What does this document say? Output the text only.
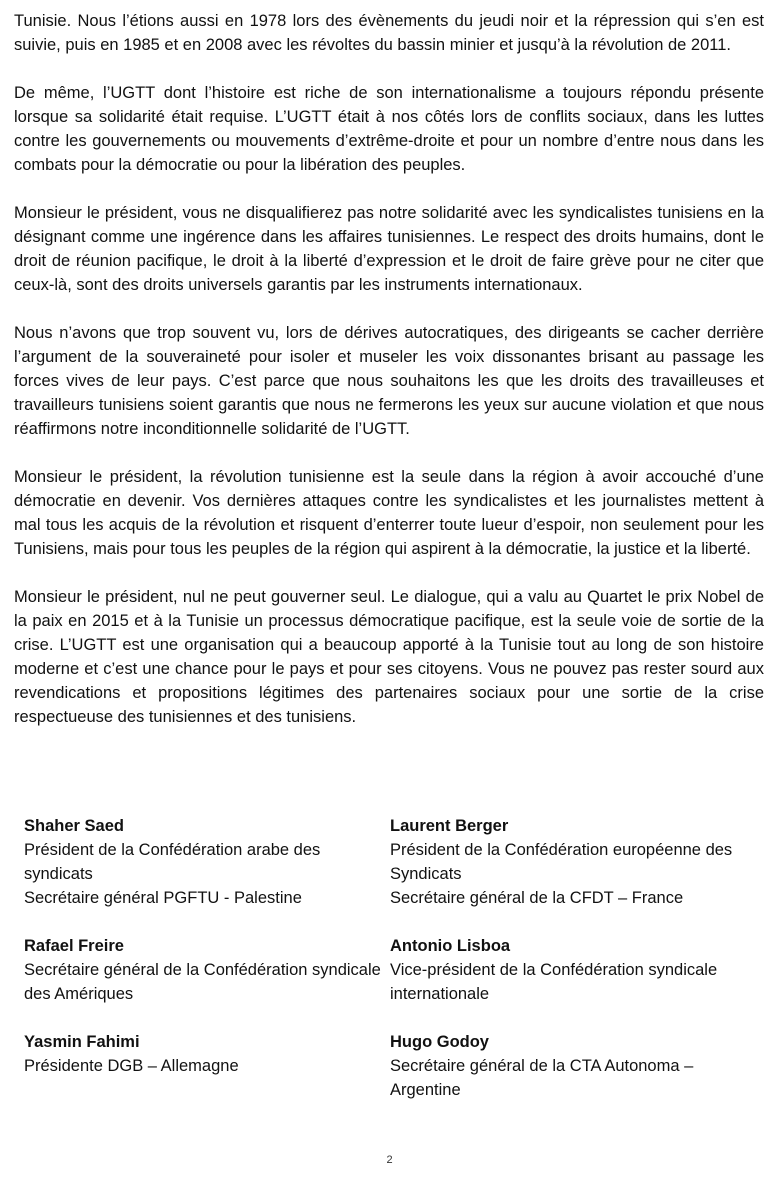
Tunisie. Nous l’étions aussi en 1978 lors des évènements du jeudi noir et la répression qui s’en est suivie, puis en 1985 et en 2008 avec les révoltes du bassin minier et jusqu’à la révolution de 2011.

De même, l’UGTT dont l’histoire est riche de son internationalisme a toujours répondu présente lorsque sa solidarité était requise. L’UGTT était à nos côtés lors de conflits sociaux, dans les luttes contre les gouvernements ou mouvements d’extrême-droite et pour un nombre d’entre nous dans les combats pour la démocratie ou pour la libération des peuples.

Monsieur le président, vous ne disqualifierez pas notre solidarité avec les syndicalistes tunisiens en la désignant comme une ingérence dans les affaires tunisiennes. Le respect des droits humains, dont le droit de réunion pacifique, le droit à la liberté d’expression et le droit de faire grève pour ne citer que ceux-là, sont des droits universels garantis par les instruments internationaux.

Nous n’avons que trop souvent vu, lors de dérives autocratiques, des dirigeants se cacher derrière l’argument de la souveraineté pour isoler et museler les voix dissonantes brisant au passage les forces vives de leur pays. C’est parce que nous souhaitons les que les droits des travailleuses et travailleurs tunisiens soient garantis que nous ne fermerons les yeux sur aucune violation et que nous réaffirmons notre inconditionnelle solidarité de l’UGTT.

Monsieur le président, la révolution tunisienne est la seule dans la région à avoir accouché d’une démocratie en devenir. Vos dernières attaques contre les syndicalistes et les journalistes mettent à mal tous les acquis de la révolution et risquent d’enterrer toute lueur d’espoir, non seulement pour les Tunisiens, mais pour tous les peuples de la région qui aspirent à la démocratie, la justice et la liberté.

Monsieur le président, nul ne peut gouverner seul. Le dialogue, qui a valu au Quartet le prix Nobel de la paix en 2015 et à la Tunisie un processus démocratique pacifique, est la seule voie de sortie de la crise. L’UGTT est une organisation qui a beaucoup apporté à la Tunisie tout au long de son histoire moderne et c’est une chance pour le pays et pour ses citoyens. Vous ne pouvez pas rester sourd aux revendications et propositions légitimes des partenaires sociaux pour une sortie de la crise respectueuse des tunisiennes et des tunisiens.

Shaher Saed
Président de la Confédération arabe des syndicats
Secrétaire général PGFTU - Palestine
Laurent Berger
Président de la Confédération européenne des Syndicats
Secrétaire général de la CFDT – France
Rafael Freire
Secrétaire général de la Confédération syndicale des Amériques
Antonio Lisboa
Vice-président de la Confédération syndicale internationale
Yasmin Fahimi
Présidente DGB – Allemagne
Hugo Godoy
Secrétaire général de la CTA Autonoma – Argentine
2
